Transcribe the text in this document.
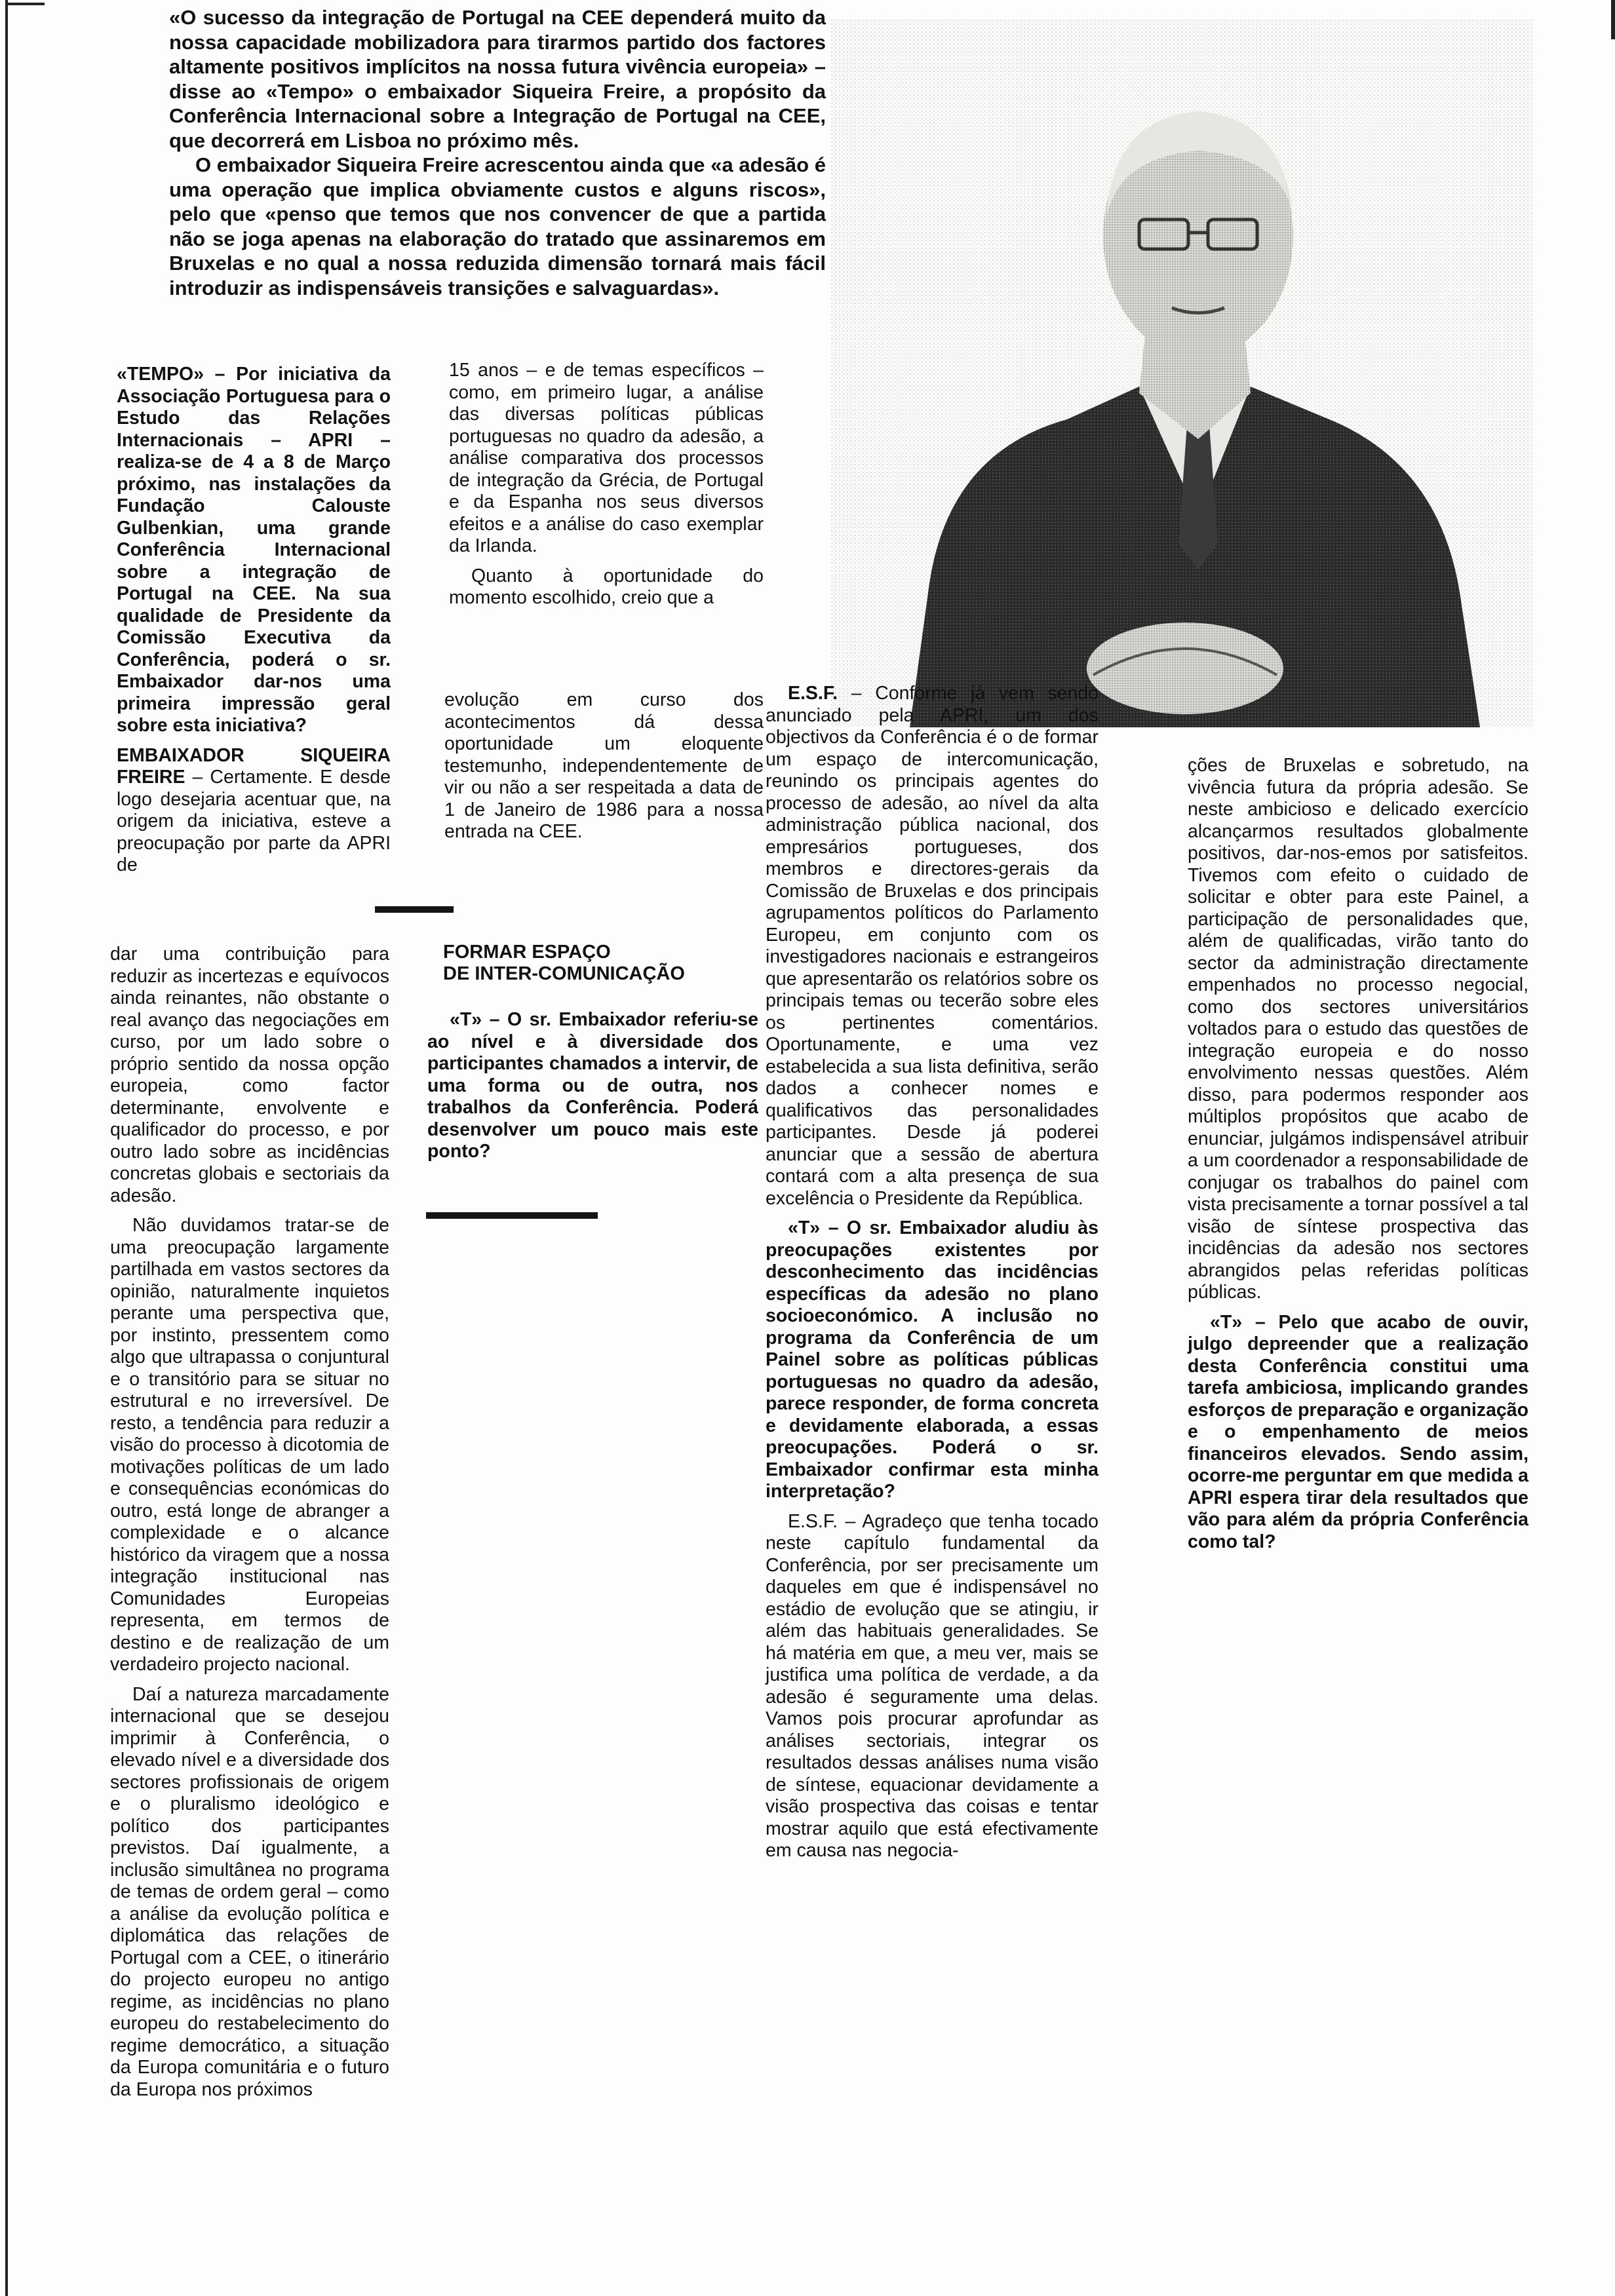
«O sucesso da integração de Portugal na CEE dependerá muito da nossa capacidade mobilizadora para tirarmos partido dos factores altamente positivos implícitos na nossa futura vivência europeia» – disse ao «Tempo» o embaixador Siqueira Freire, a propósito da Conferência Internacional sobre a Integração de Portugal na CEE, que decorrerá em Lisboa no próximo mês.

O embaixador Siqueira Freire acrescentou ainda que «a adesão é uma operação que implica obviamente custos e alguns riscos», pelo que «penso que temos que nos convencer de que a partida não se joga apenas na elaboração do tratado que assinaremos em Bruxelas e no qual a nossa reduzida dimensão tornará mais fácil introduzir as indispensáveis transições e salvaguardas».

«TEMPO» – Por iniciativa da Associação Portuguesa para o Estudo das Relações Internacionais – APRI – realiza-se de 4 a 8 de Março próximo, nas instalações da Fundação Calouste Gulbenkian, uma grande Conferência Internacional sobre a integração de Portugal na CEE. Na sua qualidade de Presidente da Comissão Executiva da Conferência, poderá o sr. Embaixador dar-nos uma primeira impressão geral sobre esta iniciativa?

EMBAIXADOR SIQUEIRA FREIRE – Certamente. E desde logo desejaria acentuar que, na origem da iniciativa, esteve a preocupação por parte da APRI de

dar uma contribuição para reduzir as incertezas e equívocos ainda reinantes, não obstante o real avanço das negociações em curso, por um lado sobre o próprio sentido da nossa opção europeia, como factor determinante, envolvente e qualificador do processo, e por outro lado sobre as incidências concretas globais e sectoriais da adesão.

Não duvidamos tratar-se de uma preocupação largamente partilhada em vastos sectores da opinião, naturalmente inquietos perante uma perspectiva que, por instinto, pressentem como algo que ultrapassa o conjuntural e o transitório para se situar no estrutural e no irreversível. De resto, a tendência para reduzir a visão do processo à dicotomia de motivações políticas de um lado e consequências económicas do outro, está longe de abranger a complexidade e o alcance histórico da viragem que a nossa integração institucional nas Comunidades Europeias representa, em termos de destino e de realização de um verdadeiro projecto nacional.

Daí a natureza marcadamente internacional que se desejou imprimir à Conferência, o elevado nível e a diversidade dos sectores profissionais de origem e o pluralismo ideológico e político dos participantes previstos. Daí igualmente, a inclusão simultânea no programa de temas de ordem geral – como a análise da evolução política e diplomática das relações de Portugal com a CEE, o itinerário do projecto europeu no antigo regime, as incidências no plano europeu do restabelecimento do regime democrático, a situação da Europa comunitária e o futuro da Europa nos próximos

15 anos – e de temas específicos – como, em primeiro lugar, a análise das diversas políticas públicas portuguesas no quadro da adesão, a análise comparativa dos processos de integração da Grécia, de Portugal e da Espanha nos seus diversos efeitos e a análise do caso exemplar da Irlanda.

Quanto à oportunidade do momento escolhido, creio que a

evolução em curso dos acontecimentos dá dessa oportunidade um eloquente testemunho, independentemente de vir ou não a ser respeitada a data de 1 de Janeiro de 1986 para a nossa entrada na CEE.

FORMAR ESPAÇO
DE INTER-COMUNICAÇÃO

«T» – O sr. Embaixador referiu-se ao nível e à diversidade dos participantes chamados a intervir, de uma forma ou de outra, nos trabalhos da Conferência. Poderá desenvolver um pouco mais este ponto?

E.S.F. – Conforme já vem sendo anunciado pela APRI, um dos objectivos da Conferência é o de formar um espaço de intercomunicação, reunindo os principais agentes do processo de adesão, ao nível da alta administração pública nacional, dos empresários portugueses, dos membros e directores-gerais da Comissão de Bruxelas e dos principais agrupamentos políticos do Parlamento Europeu, em conjunto com os investigadores nacionais e estrangeiros que apresentarão os relatórios sobre os principais temas ou tecerão sobre eles os pertinentes comentários. Oportunamente, e uma vez estabelecida a sua lista definitiva, serão dados a conhecer nomes e qualificativos das personalidades participantes. Desde já poderei anunciar que a sessão de abertura contará com a alta presença de sua excelência o Presidente da República.

«T» – O sr. Embaixador aludiu às preocupações existentes por desconhecimento das incidências específicas da adesão no plano socioeconómico. A inclusão no programa da Conferência de um Painel sobre as políticas públicas portuguesas no quadro da adesão, parece responder, de forma concreta e devidamente elaborada, a essas preocupações. Poderá o sr. Embaixador confirmar esta minha interpretação?

E.S.F. – Agradeço que tenha tocado neste capítulo fundamental da Conferência, por ser precisamente um daqueles em que é indispensável no estádio de evolução que se atingiu, ir além das habituais generalidades. Se há matéria em que, a meu ver, mais se justifica uma política de verdade, a da adesão é seguramente uma delas. Vamos pois procurar aprofundar as análises sectoriais, integrar os resultados dessas análises numa visão de síntese, equacionar devidamente a visão prospectiva das coisas e tentar mostrar aquilo que está efectivamente em causa nas negocia-

ções de Bruxelas e sobretudo, na vivência futura da própria adesão. Se neste ambicioso e delicado exercício alcançarmos resultados globalmente positivos, dar-nos-emos por satisfeitos. Tivemos com efeito o cuidado de solicitar e obter para este Painel, a participação de personalidades que, além de qualificadas, virão tanto do sector da administração directamente empenhados no processo negocial, como dos sectores universitários voltados para o estudo das questões de integração europeia e do nosso envolvimento nessas questões. Além disso, para podermos responder aos múltiplos propósitos que acabo de enunciar, julgámos indispensável atribuir a um coordenador a responsabilidade de conjugar os trabalhos do painel com vista precisamente a tornar possível a tal visão de síntese prospectiva das incidências da adesão nos sectores abrangidos pelas referidas políticas públicas.

«T» – Pelo que acabo de ouvir, julgo depreender que a realização desta Conferência constitui uma tarefa ambiciosa, implicando grandes esforços de preparação e organização e o empenhamento de meios financeiros elevados. Sendo assim, ocorre-me perguntar em que medida a APRI espera tirar dela resultados que vão para além da própria Conferência como tal?
